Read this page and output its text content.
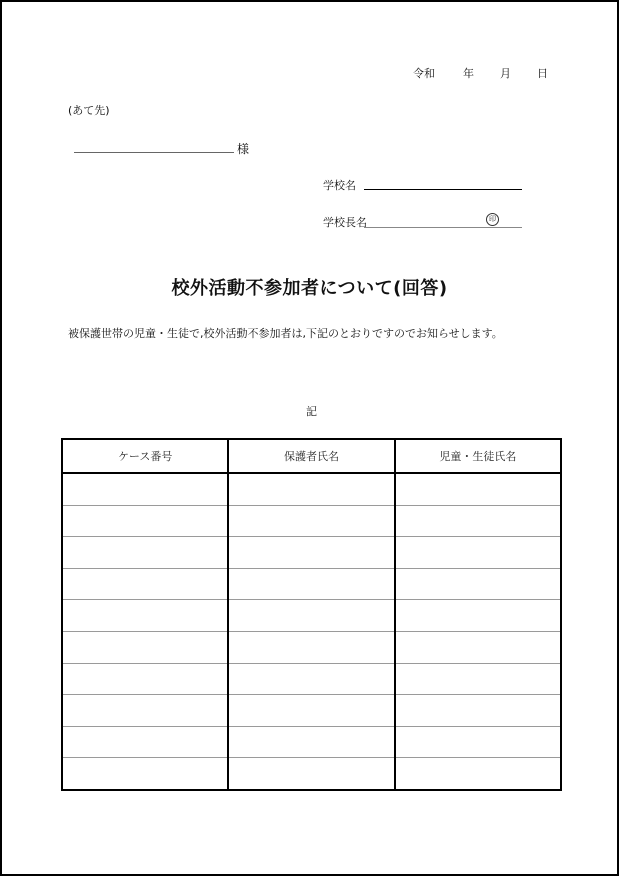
令和	年 月 日
(あて先)
様
学校名
学校長名	印
校外活動不参加者について(回答)
被保護世帯の児童・生徒で,校外活動不参加者は,下記のとおりですのでお知らせします。
記
ケース番号	保護者氏名	児童・生徒氏名
